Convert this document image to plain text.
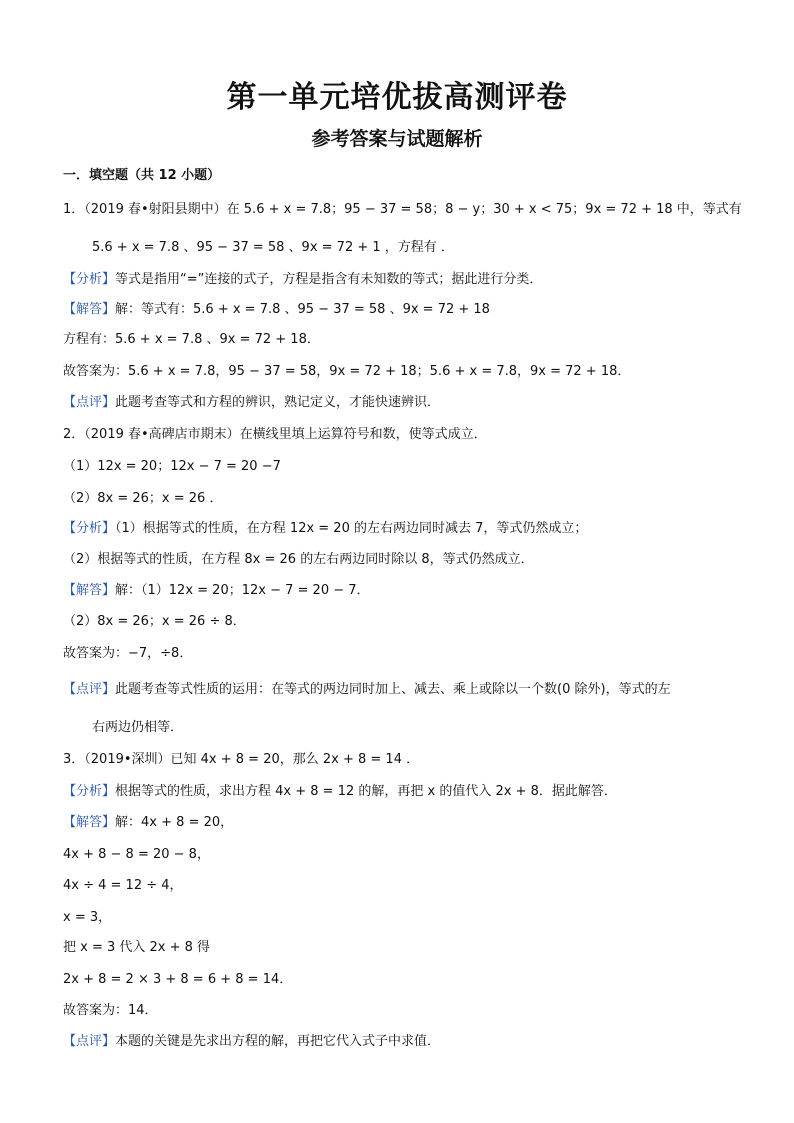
第一单元培优拔高测评卷
参考答案与试题解析
一．填空题（共 12 小题）
1．（2019 春•射阳县期中）在 5.6 + x = 7.8；95 − 37 = 58；8 − y；30 + x < 75；9x = 72 + 18 中，等式有
5.6 + x = 7.8 、95 − 37 = 58 、9x = 72 + 1 ，方程有 ．
【分析】等式是指用“=”连接的式子，方程是指含有未知数的等式；据此进行分类．
【解答】解：等式有：5.6 + x = 7.8 、95 − 37 = 58 、9x = 72 + 18
方程有：5.6 + x = 7.8 、9x = 72 + 18．
故答案为：5.6 + x = 7.8，95 − 37 = 58，9x = 72 + 18；5.6 + x = 7.8，9x = 72 + 18．
【点评】此题考查等式和方程的辨识，熟记定义，才能快速辨识．
2．（2019 春•高碑店市期末）在横线里填上运算符号和数，使等式成立．
（1）12x = 20；12x − 7 = 20 −7
（2）8x = 26；x = 26 ．
【分析】（1）根据等式的性质，在方程 12x = 20 的左右两边同时减去 7，等式仍然成立；
（2）根据等式的性质，在方程 8x = 26 的左右两边同时除以 8，等式仍然成立．
【解答】解：（1）12x = 20；12x − 7 = 20 − 7．
（2）8x = 26；x = 26 ÷ 8．
故答案为：−7，÷8．
【点评】此题考查等式性质的运用：在等式的两边同时加上、减去、乘上或除以一个数(0 除外)，等式的左
右两边仍相等．
3．（2019•深圳）已知 4x + 8 = 20，那么 2x + 8 = 14 ．
【分析】根据等式的性质，求出方程 4x + 8 = 12 的解，再把 x 的值代入 2x + 8．据此解答．
【解答】解：4x + 8 = 20，
4x + 8 − 8 = 20 − 8，
4x ÷ 4 = 12 ÷ 4，
x = 3，
把 x = 3 代入 2x + 8 得
2x + 8 = 2 × 3 + 8 = 6 + 8 = 14．
故答案为：14．
【点评】本题的关键是先求出方程的解，再把它代入式子中求值．
